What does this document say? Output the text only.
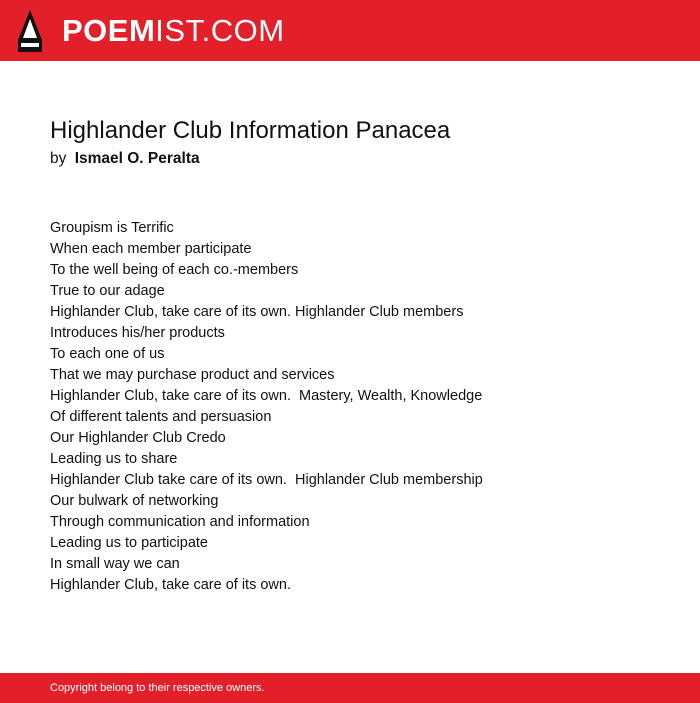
POEMIST.COM
Highlander Club Information Panacea
by Ismael O. Peralta
Groupism is Terrific
When each member participate
To the well being of each co.-members
True to our adage
Highlander Club, take care of its own. Highlander Club members
Introduces his/her products
To each one of us
That we may purchase product and services
Highlander Club, take care of its own.  Mastery, Wealth, Knowledge
Of different talents and persuasion
Our Highlander Club Credo
Leading us to share
Highlander Club take care of its own.  Highlander Club membership
Our bulwark of networking
Through communication and information
Leading us to participate
In small way we can
Highlander Club, take care of its own.
Copyright belong to their respective owners.
